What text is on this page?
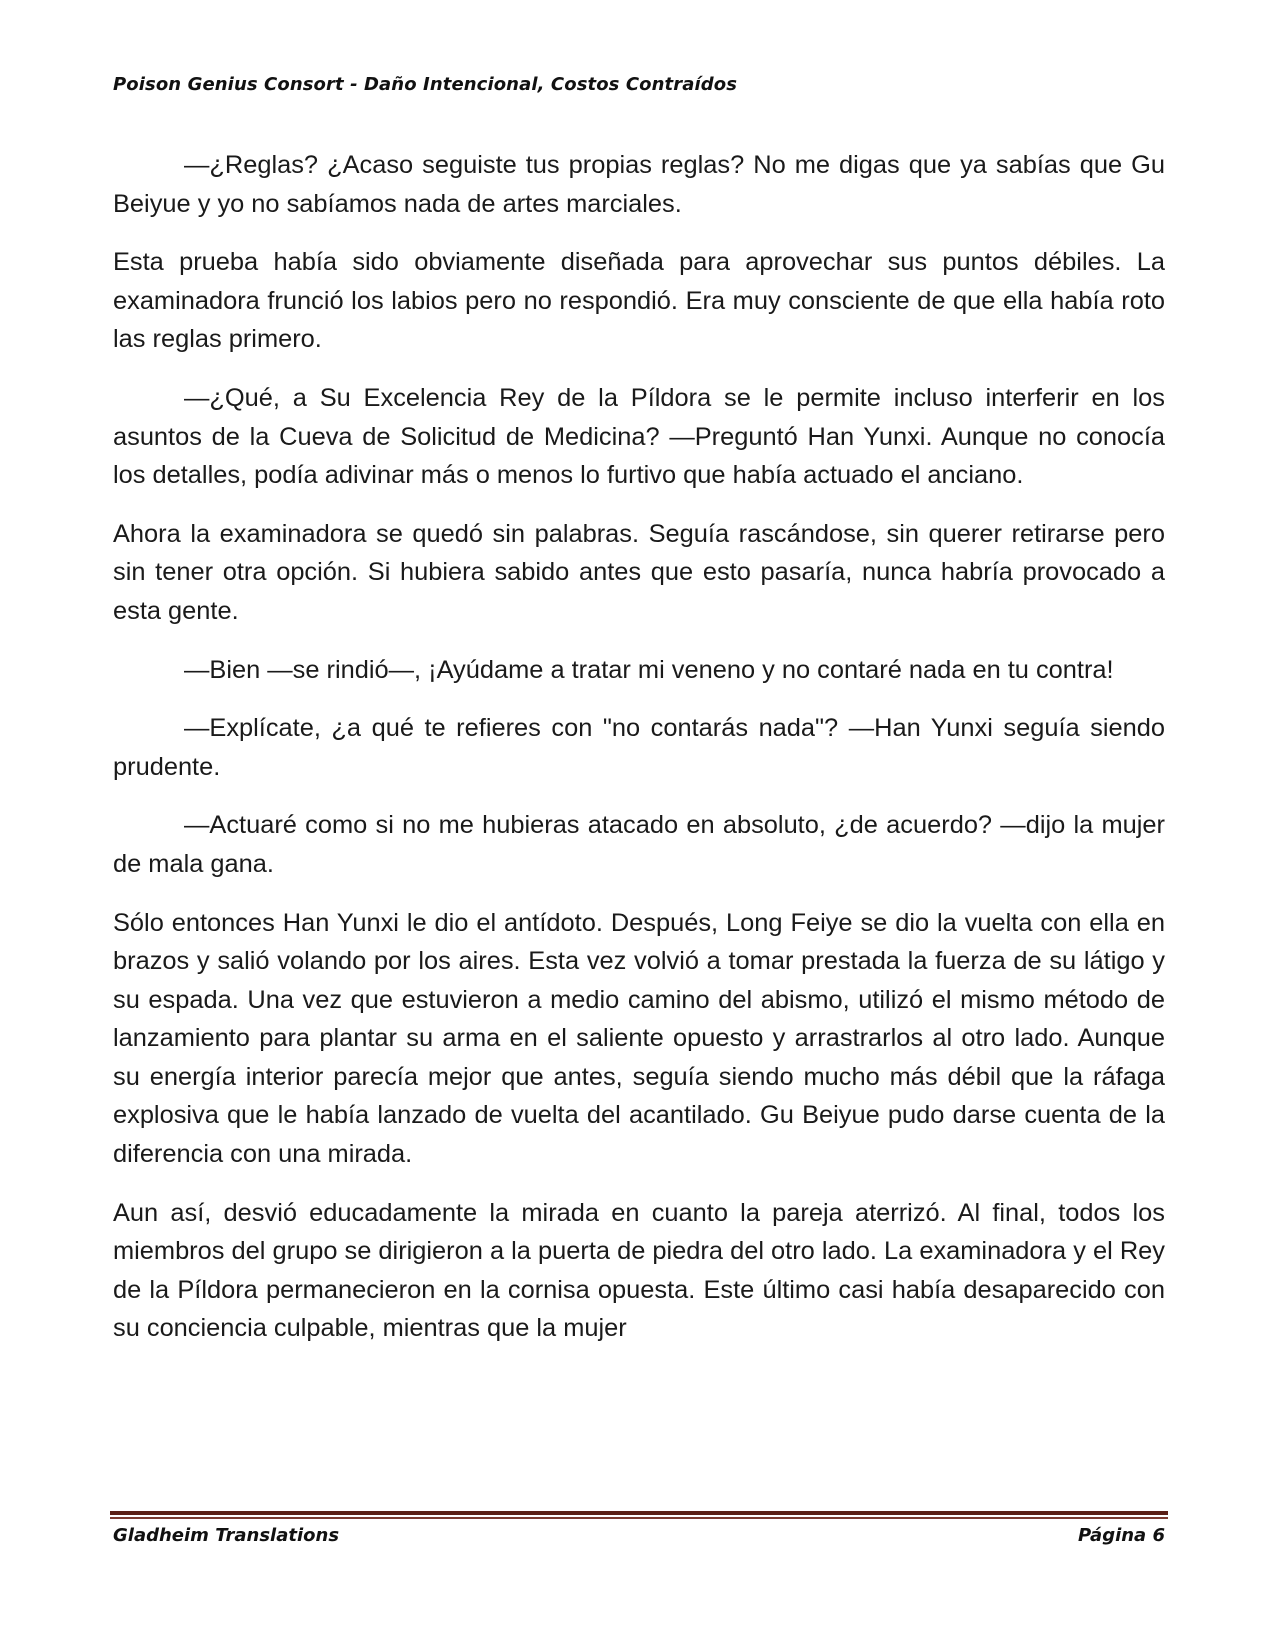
Poison Genius Consort - Daño Intencional, Costos Contraídos

—¿Reglas? ¿Acaso seguiste tus propias reglas? No me digas que ya sabías que Gu Beiyue y yo no sabíamos nada de artes marciales.

Esta prueba había sido obviamente diseñada para aprovechar sus puntos débiles. La examinadora frunció los labios pero no respondió. Era muy consciente de que ella había roto las reglas primero.

—¿Qué, a Su Excelencia Rey de la Píldora se le permite incluso interferir en los asuntos de la Cueva de Solicitud de Medicina? —Preguntó Han Yunxi. Aunque no conocía los detalles, podía adivinar más o menos lo furtivo que había actuado el anciano.

Ahora la examinadora se quedó sin palabras. Seguía rascándose, sin querer retirarse pero sin tener otra opción. Si hubiera sabido antes que esto pasaría, nunca habría provocado a esta gente.

—Bien —se rindió—, ¡Ayúdame a tratar mi veneno y no contaré nada en tu contra!

—Explícate, ¿a qué te refieres con "no contarás nada"? —Han Yunxi seguía siendo prudente.

—Actuaré como si no me hubieras atacado en absoluto, ¿de acuerdo? —dijo la mujer de mala gana.

Sólo entonces Han Yunxi le dio el antídoto. Después, Long Feiye se dio la vuelta con ella en brazos y salió volando por los aires. Esta vez volvió a tomar prestada la fuerza de su látigo y su espada. Una vez que estuvieron a medio camino del abismo, utilizó el mismo método de lanzamiento para plantar su arma en el saliente opuesto y arrastrarlos al otro lado. Aunque su energía interior parecía mejor que antes, seguía siendo mucho más débil que la ráfaga explosiva que le había lanzado de vuelta del acantilado. Gu Beiyue pudo darse cuenta de la diferencia con una mirada.

Aun así, desvió educadamente la mirada en cuanto la pareja aterrizó. Al final, todos los miembros del grupo se dirigieron a la puerta de piedra del otro lado. La examinadora y el Rey de la Píldora permanecieron en la cornisa opuesta. Este último casi había desaparecido con su conciencia culpable, mientras que la mujer

Gladheim Translations	Página 6
